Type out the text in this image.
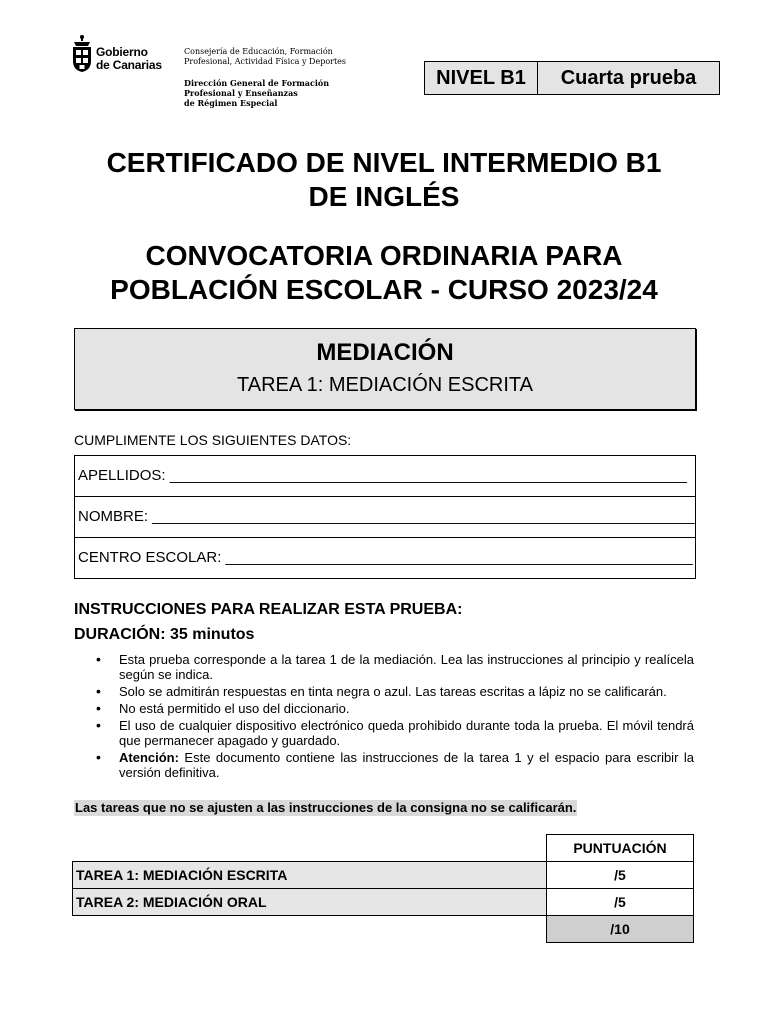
Gobierno
de Canarias
Consejería de Educación, Formación
Profesional, Actividad Física y Deportes
Dirección General de Formación
Profesional y Enseñanzas
de Régimen Especial
NIVEL B1	Cuarta prueba
CERTIFICADO DE NIVEL INTERMEDIO B1
DE INGLÉS
CONVOCATORIA ORDINARIA PARA
POBLACIÓN ESCOLAR - CURSO 2023/24
MEDIACIÓN
TAREA 1: MEDIACIÓN ESCRITA
CUMPLIMENTE LOS SIGUIENTES DATOS:
APELLIDOS: ______________________________________________________________
NOMBRE: _________________________________________________________________
CENTRO ESCOLAR: ________________________________________________________
INSTRUCCIONES PARA REALIZAR ESTA PRUEBA:
DURACIÓN: 35 minutos
• Esta prueba corresponde a la tarea 1 de la mediación. Lea las instrucciones al principio y realícela según se indica.
• Solo se admitirán respuestas en tinta negra o azul. Las tareas escritas a lápiz no se calificarán.
• No está permitido el uso del diccionario.
• El uso de cualquier dispositivo electrónico queda prohibido durante toda la prueba. El móvil tendrá que permanecer apagado y guardado.
• Atención: Este documento contiene las instrucciones de la tarea 1 y el espacio para escribir la versión definitiva.
Las tareas que no se ajusten a las instrucciones de la consigna no se calificarán.
	PUNTUACIÓN
TAREA 1: MEDIACIÓN ESCRITA	/5
TAREA 2: MEDIACIÓN ORAL	/5
	/10
